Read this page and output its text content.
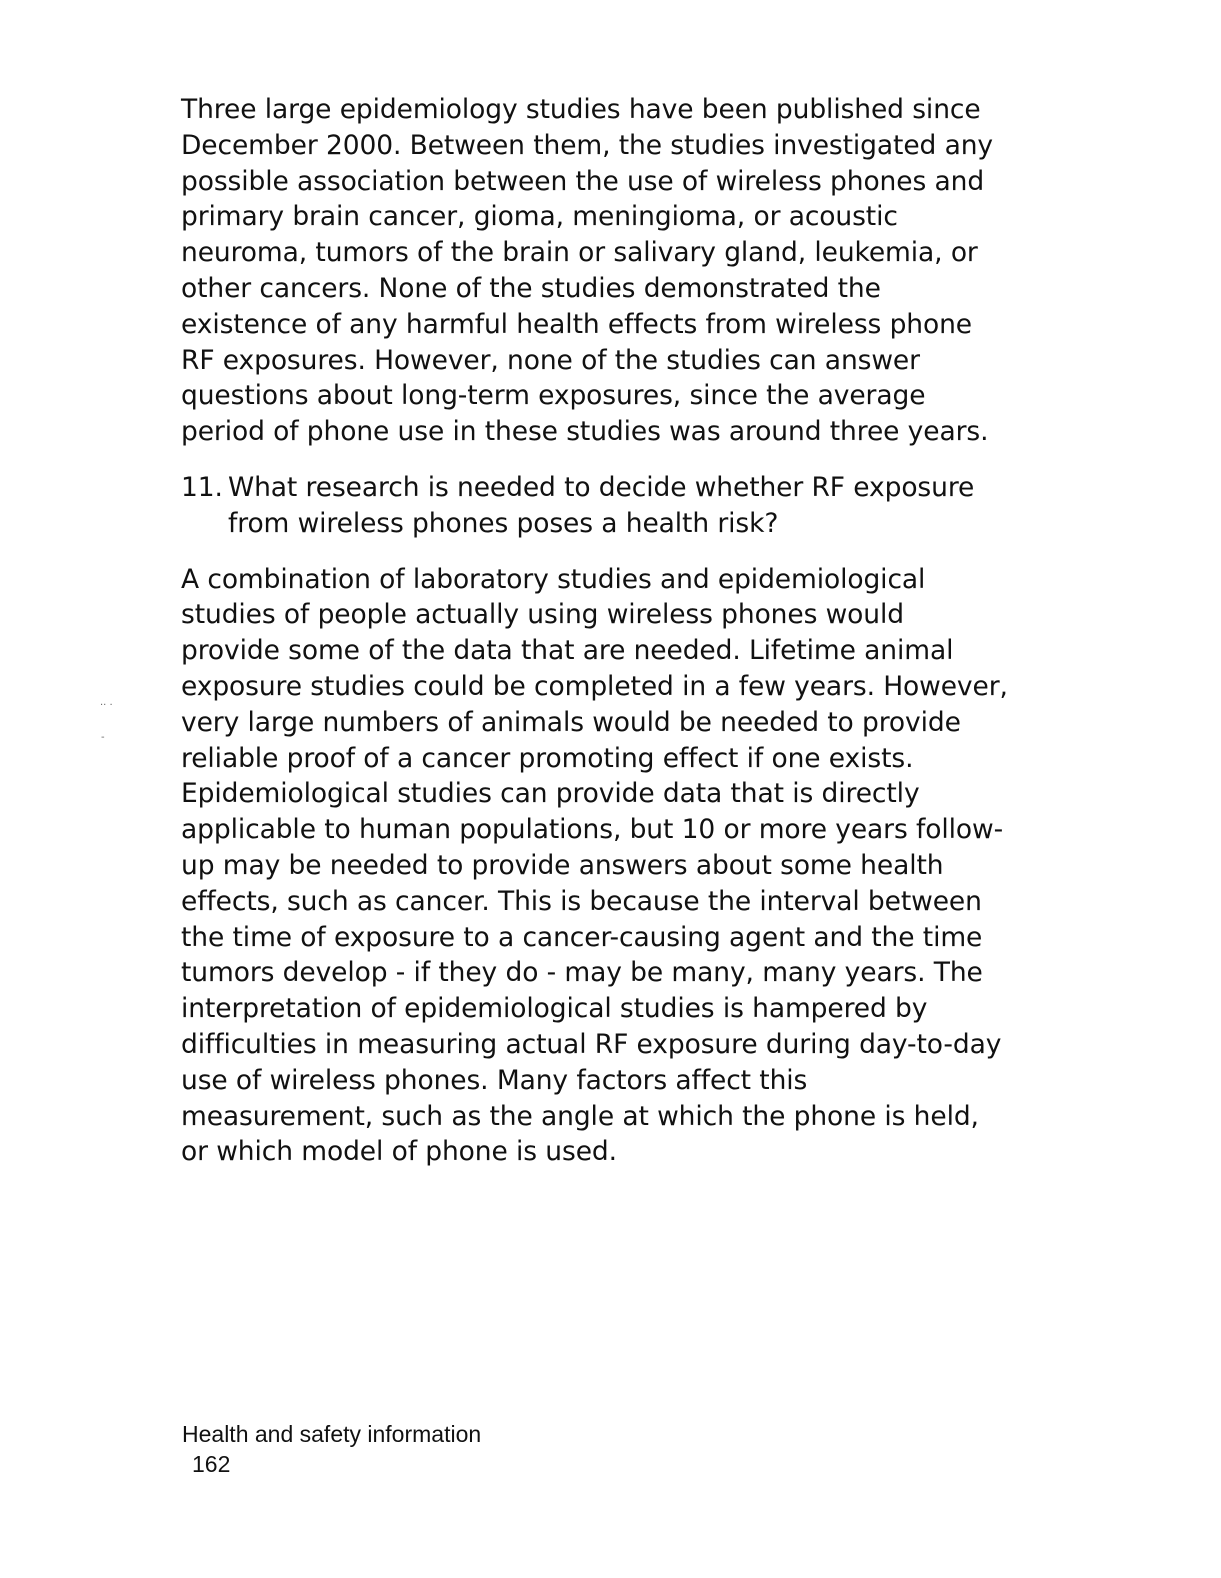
Three large epidemiology studies have been published since
December 2000. Between them, the studies investigated any
possible association between the use of wireless phones and
primary brain cancer, gioma, meningioma, or acoustic
neuroma, tumors of the brain or salivary gland, leukemia, or
other cancers. None of the studies demonstrated the
existence of any harmful health effects from wireless phone
RF exposures. However, none of the studies can answer
questions about long-term exposures, since the average
period of phone use in these studies was around three years.

11. What research is needed to decide whether RF exposure
from wireless phones poses a health risk?

A combination of laboratory studies and epidemiological
studies of people actually using wireless phones would
provide some of the data that are needed. Lifetime animal
exposure studies could be completed in a few years. However,
very large numbers of animals would be needed to provide
reliable proof of a cancer promoting effect if one exists.
Epidemiological studies can provide data that is directly
applicable to human populations, but 10 or more years follow-
up may be needed to provide answers about some health
effects, such as cancer. This is because the interval between
the time of exposure to a cancer-causing agent and the time
tumors develop - if they do - may be many, many years. The
interpretation of epidemiological studies is hampered by
difficulties in measuring actual RF exposure during day-to-day
use of wireless phones. Many factors affect this
measurement, such as the angle at which the phone is held,
or which model of phone is used.

·· ·
-
Health and safety information
162
